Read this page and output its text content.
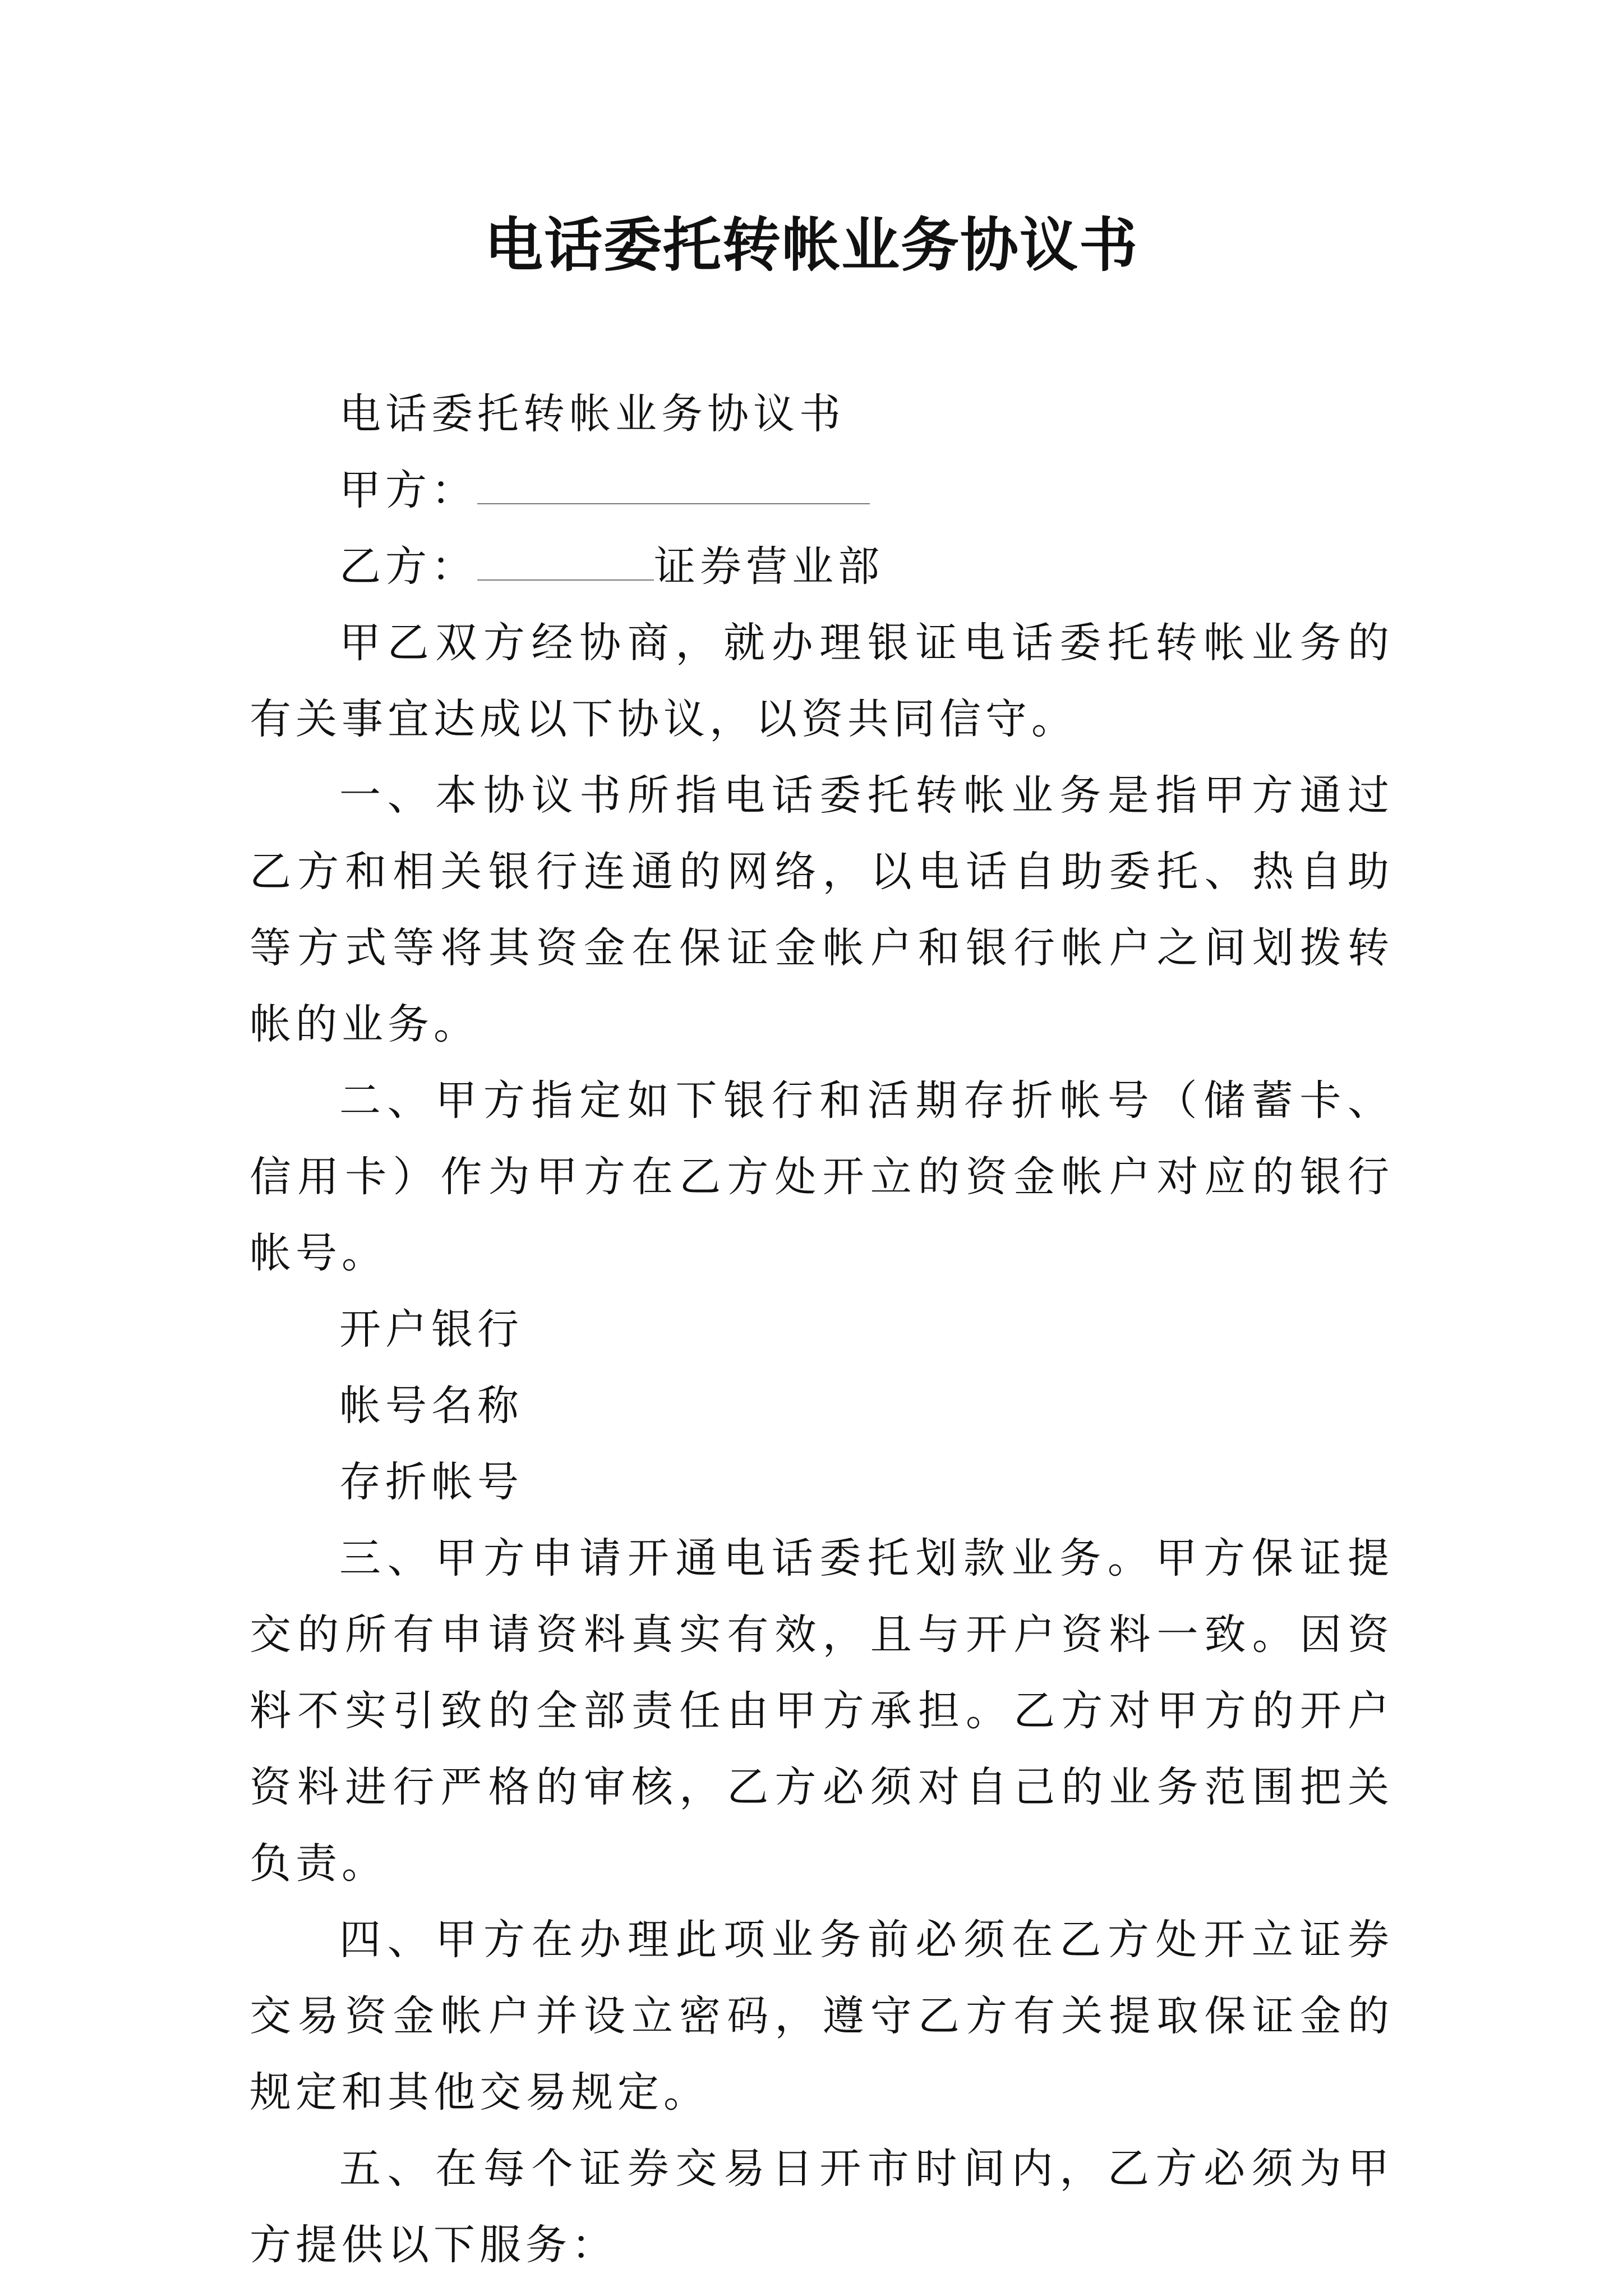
电话委托转帐业务协议书

电话委托转帐业务协议书

甲方：

乙方：	证券营业部

甲乙双方经协商，就办理银证电话委托转帐业务的有关事宜达成以下协议，以资共同信守。

一、本协议书所指电话委托转帐业务是指甲方通过乙方和相关银行连通的网络，以电话自助委托、热自助等方式等将其资金在保证金帐户和银行帐户之间划拨转帐的业务。

二、甲方指定如下银行和活期存折帐号（储蓄卡、信用卡）作为甲方在乙方处开立的资金帐户对应的银行帐号。

开户银行

帐号名称

存折帐号

三、甲方申请开通电话委托划款业务。甲方保证提交的所有申请资料真实有效，且与开户资料一致。因资料不实引致的全部责任由甲方承担。乙方对甲方的开户资料进行严格的审核，乙方必须对自己的业务范围把关负责。

四、甲方在办理此项业务前必须在乙方处开立证券交易资金帐户并设立密码，遵守乙方有关提取保证金的规定和其他交易规定。

五、在每个证券交易日开市时间内，乙方必须为甲方提供以下服务：
